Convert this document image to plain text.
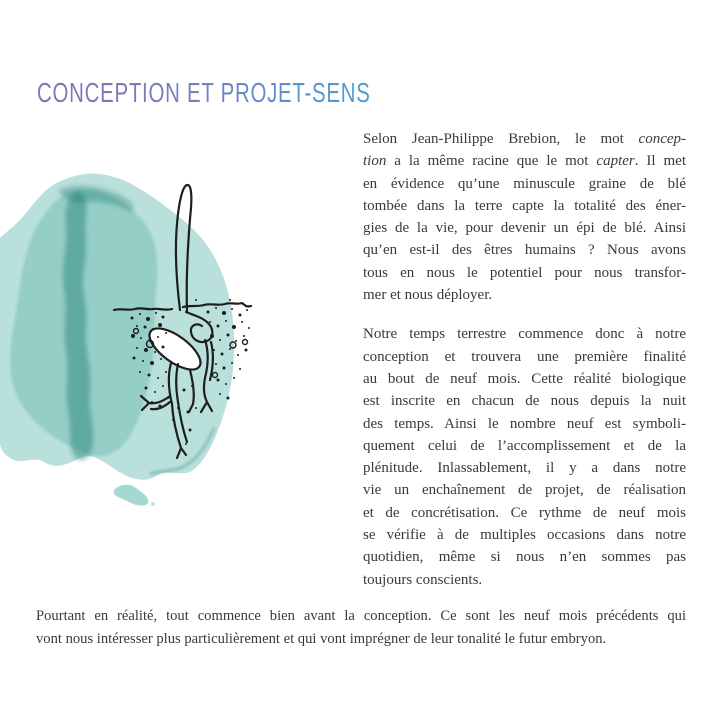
CONCEPTION ET PROJET-SENS
Selon Jean-Philippe Brebion, le mot concep-
tion a la même racine que le mot capter. Il met
en évidence qu’une minuscule graine de blé
tombée dans la terre capte la totalité des éner-
gies de la vie, pour devenir un épi de blé. Ainsi
qu’en est-il des êtres humains ? Nous avons
tous en nous le potentiel pour nous transfor-
mer et nous déployer.
Notre temps terrestre commence donc à notre
conception et trouvera une première finalité
au bout de neuf mois. Cette réalité biologique
est inscrite en chacun de nous depuis la nuit
des temps. Ainsi le nombre neuf est symboli-
quement celui de l’accomplissement et de la
plénitude. Inlassablement, il y a dans notre
vie un enchaînement de projet, de réalisation
et de concrétisation. Ce rythme de neuf mois
se vérifie à de multiples occasions dans notre
quotidien, même si nous n’en sommes pas
toujours conscients.
Pourtant en réalité, tout commence bien avant la conception. Ce sont les neuf mois précédents qui
vont nous intéresser plus particulièrement et qui vont imprégner de leur tonalité le futur embryon.
